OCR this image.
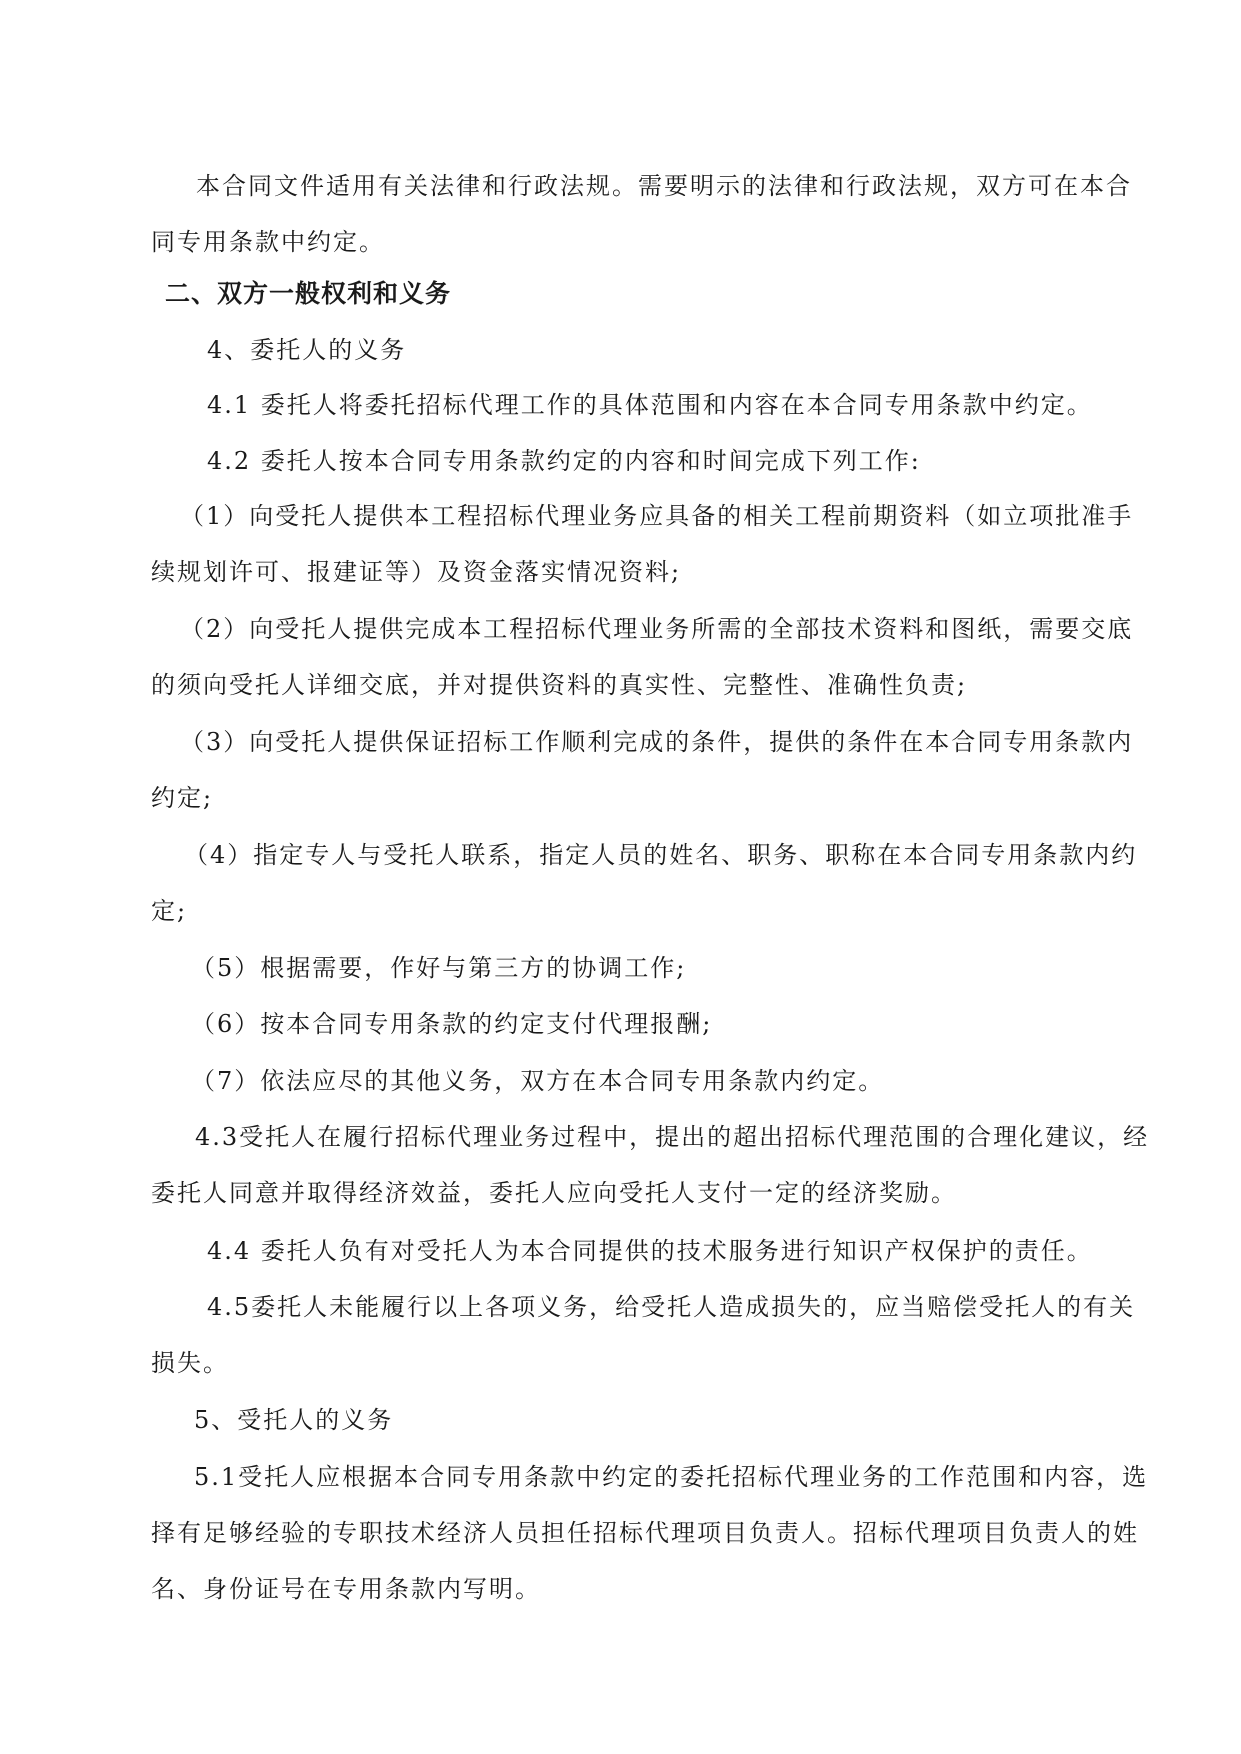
本合同文件适用有关法律和行政法规。需要明示的法律和行政法规，双方可在本合
同专用条款中约定。

二、双方一般权利和义务

4、委托人的义务

4.1 委托人将委托招标代理工作的具体范围和内容在本合同专用条款中约定。

4.2 委托人按本合同专用条款约定的内容和时间完成下列工作:

（1）向受托人提供本工程招标代理业务应具备的相关工程前期资料（如立项批准手
续规划许可、报建证等）及资金落实情况资料;

（2）向受托人提供完成本工程招标代理业务所需的全部技术资料和图纸，需要交底
的须向受托人详细交底，并对提供资料的真实性、完整性、准确性负责;

（3）向受托人提供保证招标工作顺利完成的条件，提供的条件在本合同专用条款内
约定;

（4）指定专人与受托人联系，指定人员的姓名、职务、职称在本合同专用条款内约
定;

（5）根据需要，作好与第三方的协调工作;

（6）按本合同专用条款的约定支付代理报酬;

（7）依法应尽的其他义务，双方在本合同专用条款内约定。

4.3受托人在履行招标代理业务过程中，提出的超出招标代理范围的合理化建议，经
委托人同意并取得经济效益，委托人应向受托人支付一定的经济奖励。

4.4 委托人负有对受托人为本合同提供的技术服务进行知识产权保护的责任。

4.5委托人未能履行以上各项义务，给受托人造成损失的，应当赔偿受托人的有关
损失。

5、受托人的义务

5.1受托人应根据本合同专用条款中约定的委托招标代理业务的工作范围和内容，选
择有足够经验的专职技术经济人员担任招标代理项目负责人。招标代理项目负责人的姓
名、身份证号在专用条款内写明。
